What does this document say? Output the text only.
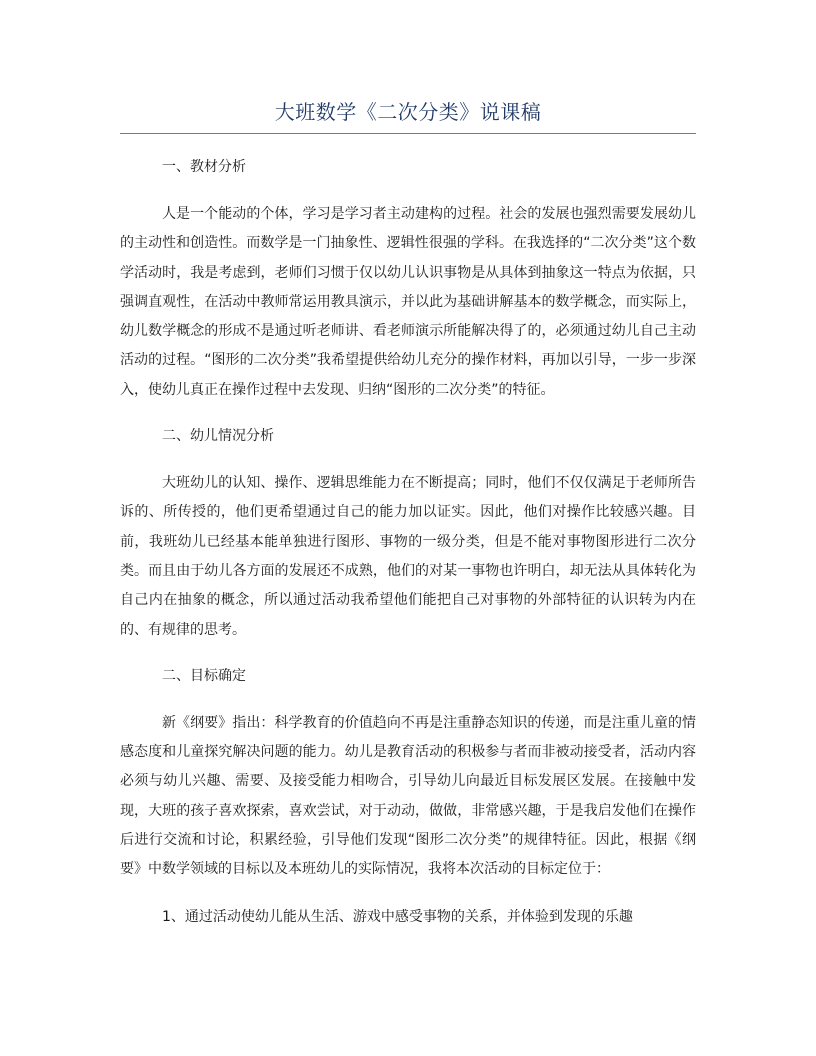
大班数学《二次分类》说课稿

一、教材分析

人是一个能动的个体，学习是学习者主动建构的过程。社会的发展也强烈需要发展幼儿的主动性和创造性。而数学是一门抽象性、逻辑性很强的学科。在我选择的“二次分类”这个数学活动时，我是考虑到，老师们习惯于仅以幼儿认识事物是从具体到抽象这一特点为依据，只强调直观性，在活动中教师常运用教具演示，并以此为基础讲解基本的数学概念，而实际上，幼儿数学概念的形成不是通过听老师讲、看老师演示所能解决得了的，必须通过幼儿自己主动活动的过程。“图形的二次分类”我希望提供给幼儿充分的操作材料，再加以引导，一步一步深入，使幼儿真正在操作过程中去发现、归纳“图形的二次分类”的特征。

二、幼儿情况分析

大班幼儿的认知、操作、逻辑思维能力在不断提高；同时，他们不仅仅满足于老师所告诉的、所传授的，他们更希望通过自己的能力加以证实。因此，他们对操作比较感兴趣。目前，我班幼儿已经基本能单独进行图形、事物的一级分类，但是不能对事物图形进行二次分类。而且由于幼儿各方面的发展还不成熟，他们的对某一事物也许明白，却无法从具体转化为自己内在抽象的概念，所以通过活动我希望他们能把自己对事物的外部特征的认识转为内在的、有规律的思考。

二、目标确定

新《纲要》指出：科学教育的价值趋向不再是注重静态知识的传递，而是注重儿童的情感态度和儿童探究解决问题的能力。幼儿是教育活动的积极参与者而非被动接受者，活动内容必须与幼儿兴趣、需要、及接受能力相吻合，引导幼儿向最近目标发展区发展。在接触中发现，大班的孩子喜欢探索，喜欢尝试，对于动动，做做，非常感兴趣，于是我启发他们在操作后进行交流和讨论，积累经验，引导他们发现“图形二次分类”的规律特征。因此，根据《纲要》中数学领域的目标以及本班幼儿的实际情况，我将本次活动的目标定位于：

1、通过活动使幼儿能从生活、游戏中感受事物的关系，并体验到发现的乐趣
